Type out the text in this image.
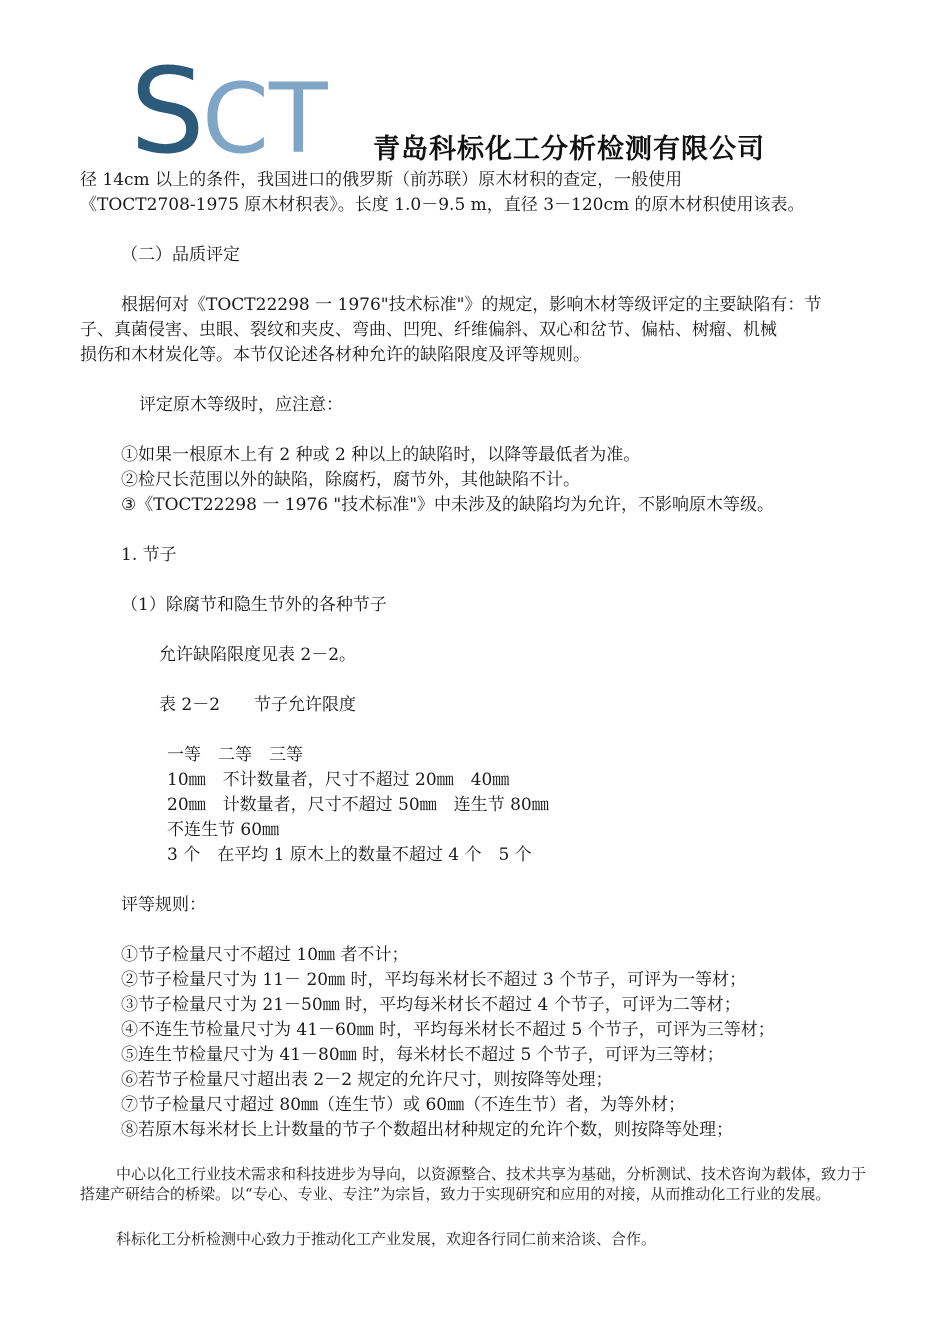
S
CT 青岛科标化工分析检测有限公司
径 14cm 以上的条件，我国进口的俄罗斯（前苏联）原木材积的查定，一般使用
《TOCT2708-1975 原木材积表》。长度 1.0－9.5 m，直径 3－120cm 的原木材积使用该表。
（二）品质评定
根据何对《TOCT22298 一 1976"技术标准"》的规定，影响木材等级评定的主要缺陷有：节
子、真菌侵害、虫眼、裂纹和夹皮、弯曲、凹兜、纤维偏斜、双心和岔节、偏枯、树瘤、机械
损伤和木材炭化等。本节仅论述各材种允许的缺陷限度及评等规则。
评定原木等级时，应注意：
①如果一根原木上有 2 种或 2 种以上的缺陷时，以降等最低者为准。
②检尺长范围以外的缺陷，除腐朽，腐节外，其他缺陷不计。
③《TOCT22298 一 1976 "技术标准"》中未涉及的缺陷均为允许，不影响原木等级。
1. 节子
（1）除腐节和隐生节外的各种节子
允许缺陷限度见表 2－2。
表 2－2　　节子允许限度
一等　二等　三等
10㎜　不计数量者，尺寸不超过 20㎜　40㎜
20㎜　计数量者，尺寸不超过 50㎜　连生节 80㎜
不连生节 60㎜
3 个　在平均 1 原木上的数量不超过 4 个　5 个
评等规则：
①节子检量尺寸不超过 10㎜ 者不计；
②节子检量尺寸为 11－ 20㎜ 时，平均每米材长不超过 3 个节子，可评为一等材；
③节子检量尺寸为 21－50㎜ 时，平均每米材长不超过 4 个节子，可评为二等材；
④不连生节检量尺寸为 41－60㎜ 时，平均每米材长不超过 5 个节子，可评为三等材；
⑤连生节检量尺寸为 41－80㎜ 时，每米材长不超过 5 个节子，可评为三等材；
⑥若节子检量尺寸超出表 2－2 规定的允许尺寸，则按降等处理；
⑦节子检量尺寸超过 80㎜（连生节）或 60㎜（不连生节）者，为等外材；
⑧若原木每米材长上计数量的节子个数超出材种规定的允许个数，则按降等处理；
中心以化工行业技术需求和科技进步为导向，以资源整合、技术共享为基础，分析测试、技术咨询为载体，致力于搭建产研结合的桥梁。以“专心、专业、专注”为宗旨，致力于实现研究和应用的对接，从而推动化工行业的发展。
科标化工分析检测中心致力于推动化工产业发展，欢迎各行同仁前来洽谈、合作。
